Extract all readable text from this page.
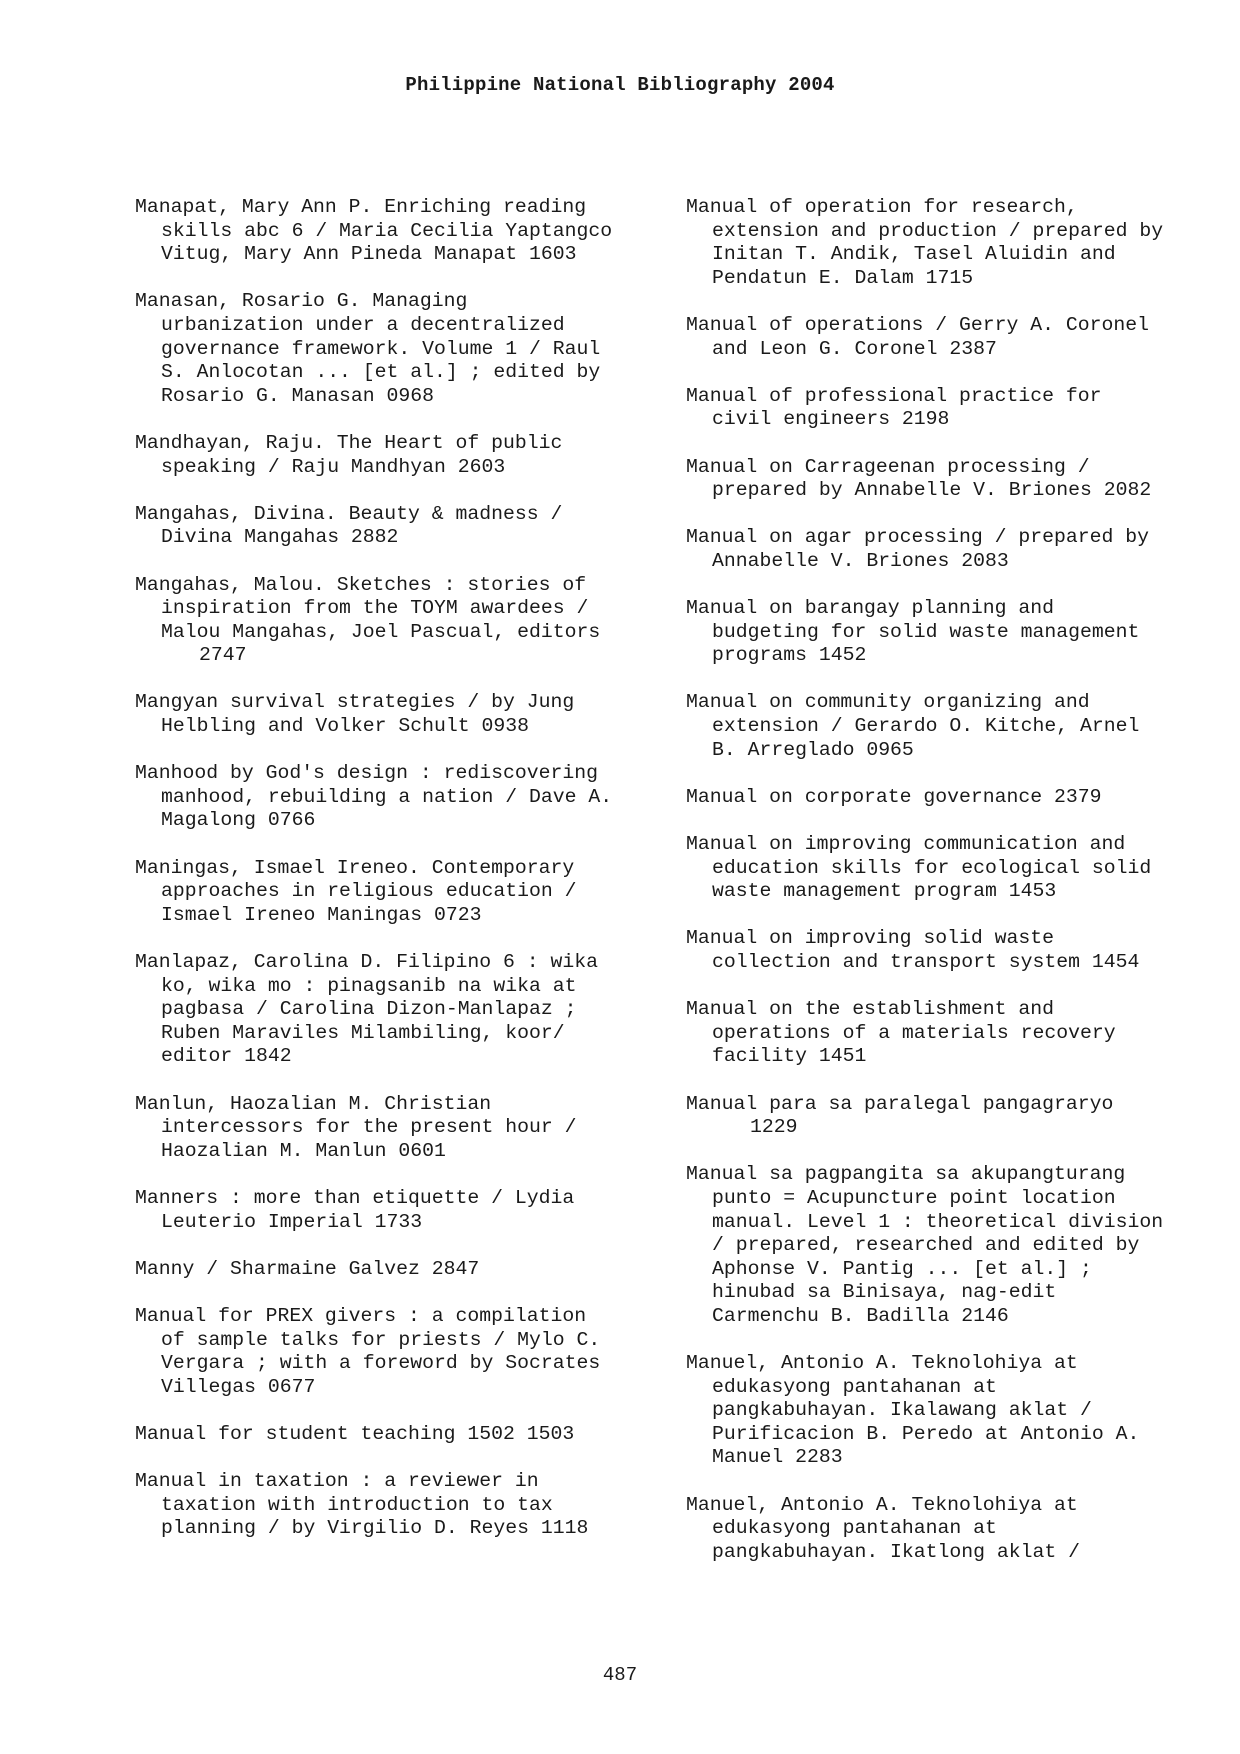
Philippine National Bibliography 2004
Manapat, Mary Ann P. Enriching reading
skills abc 6 / Maria Cecilia Yaptangco
Vitug, Mary Ann Pineda Manapat 1603
Manasan, Rosario G. Managing
urbanization under a decentralized
governance framework. Volume 1 / Raul
S. Anlocotan ... [et al.] ; edited by
Rosario G. Manasan 0968
Mandhayan, Raju. The Heart of public
speaking / Raju Mandhyan 2603
Mangahas, Divina. Beauty & madness /
Divina Mangahas 2882
Mangahas, Malou. Sketches : stories of
inspiration from the TOYM awardees /
Malou Mangahas, Joel Pascual, editors
2747
Mangyan survival strategies / by Jung
Helbling and Volker Schult 0938
Manhood by God's design : rediscovering
manhood, rebuilding a nation / Dave A.
Magalong 0766
Maningas, Ismael Ireneo. Contemporary
approaches in religious education /
Ismael Ireneo Maningas 0723
Manlapaz, Carolina D. Filipino 6 : wika
ko, wika mo : pinagsanib na wika at
pagbasa / Carolina Dizon-Manlapaz ;
Ruben Maraviles Milambiling, koor/
editor 1842
Manlun, Haozalian M. Christian
intercessors for the present hour /
Haozalian M. Manlun 0601
Manners : more than etiquette / Lydia
Leuterio Imperial 1733
Manny / Sharmaine Galvez 2847
Manual for PREX givers : a compilation
of sample talks for priests / Mylo C.
Vergara ; with a foreword by Socrates
Villegas 0677
Manual for student teaching 1502 1503
Manual in taxation : a reviewer in
taxation with introduction to tax
planning / by Virgilio D. Reyes 1118
Manual of operation for research,
extension and production / prepared by
Initan T. Andik, Tasel Aluidin and
Pendatun E. Dalam 1715
Manual of operations / Gerry A. Coronel
and Leon G. Coronel 2387
Manual of professional practice for
civil engineers 2198
Manual on Carrageenan processing /
prepared by Annabelle V. Briones 2082
Manual on agar processing / prepared by
Annabelle V. Briones 2083
Manual on barangay planning and
budgeting for solid waste management
programs 1452
Manual on community organizing and
extension / Gerardo O. Kitche, Arnel
B. Arreglado 0965
Manual on corporate governance 2379
Manual on improving communication and
education skills for ecological solid
waste management program 1453
Manual on improving solid waste
collection and transport system 1454
Manual on the establishment and
operations of a materials recovery
facility 1451
Manual para sa paralegal pangagraryo
1229
Manual sa pagpangita sa akupangturang
punto = Acupuncture point location
manual. Level 1 : theoretical division
/ prepared, researched and edited by
Aphonse V. Pantig ... [et al.] ;
hinubad sa Binisaya, nag-edit
Carmenchu B. Badilla 2146
Manuel, Antonio A. Teknolohiya at
edukasyong pantahanan at
pangkabuhayan. Ikalawang aklat /
Purificacion B. Peredo at Antonio A.
Manuel 2283
Manuel, Antonio A. Teknolohiya at
edukasyong pantahanan at
pangkabuhayan. Ikatlong aklat /
487
